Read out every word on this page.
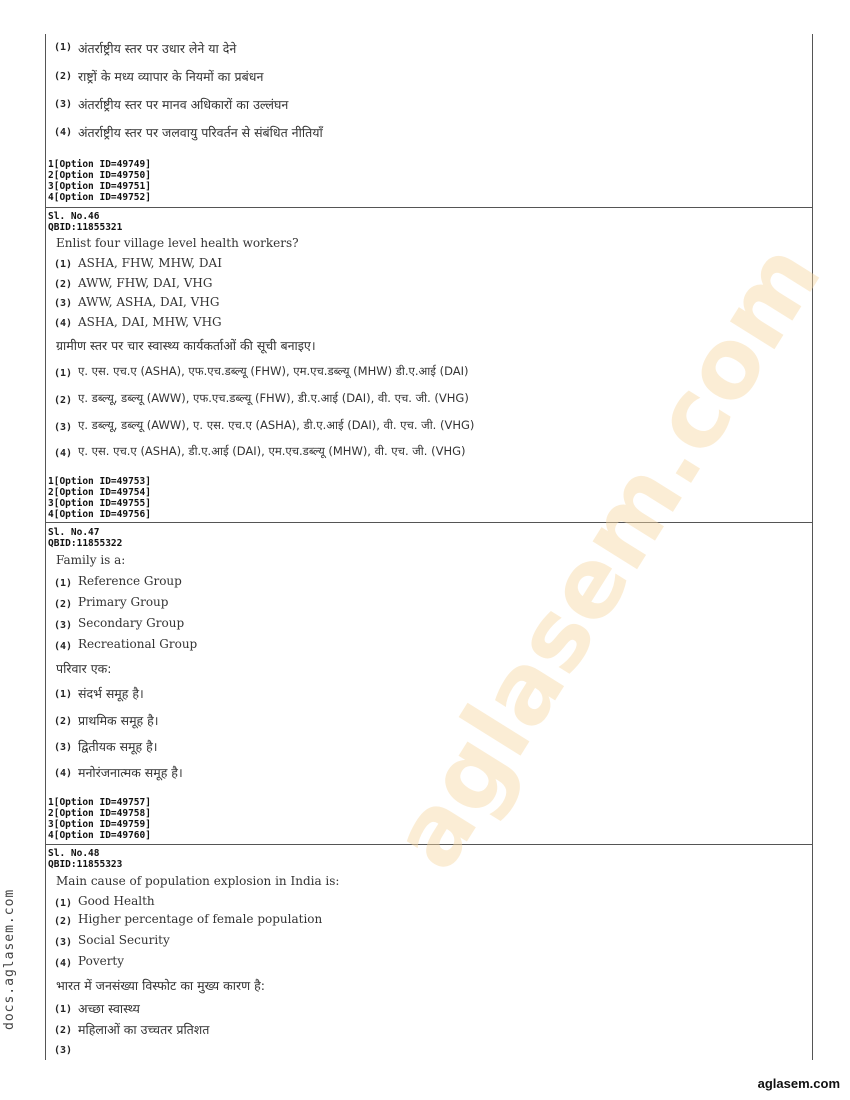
aglasem.com
(1) अंतर्राष्ट्रीय स्तर पर उधार लेने या देने
(2) राष्ट्रों के मध्य व्यापार के नियमों का प्रबंधन
(3) अंतर्राष्ट्रीय स्तर पर मानव अधिकारों का उल्लंघन
(4) अंतर्राष्ट्रीय स्तर पर जलवायु परिवर्तन से संबंधित नीतियाँ
1[Option ID=49749]
2[Option ID=49750]
3[Option ID=49751]
4[Option ID=49752]
Sl. No.46
QBID:11855321
Enlist four village level health workers?
(1) ASHA, FHW, MHW, DAI
(2) AWW, FHW, DAI, VHG
(3) AWW, ASHA, DAI, VHG
(4) ASHA, DAI, MHW, VHG
ग्रामीण स्तर पर चार स्वास्थ्य कार्यकर्ताओं की सूची बनाइए।
(1) ए. एस. एच.ए (ASHA), एफ.एच.डब्ल्यू (FHW), एम.एच.डब्ल्यू (MHW) डी.ए.आई (DAI)
(2) ए. डब्ल्यू, डब्ल्यू (AWW), एफ.एच.डब्ल्यू (FHW), डी.ए.आई (DAI), वी. एच. जी. (VHG)
(3) ए. डब्ल्यू, डब्ल्यू (AWW), ए. एस. एच.ए (ASHA), डी.ए.आई (DAI), वी. एच. जी. (VHG)
(4) ए. एस. एच.ए (ASHA), डी.ए.आई (DAI), एम.एच.डब्ल्यू (MHW), वी. एच. जी. (VHG)
1[Option ID=49753]
2[Option ID=49754]
3[Option ID=49755]
4[Option ID=49756]
Sl. No.47
QBID:11855322
Family is a:
(1) Reference Group
(2) Primary Group
(3) Secondary Group
(4) Recreational Group
परिवार एक:
(1) संदर्भ समूह है।
(2) प्राथमिक समूह है।
(3) द्वितीयक समूह है।
(4) मनोरंजनात्मक समूह है।
1[Option ID=49757]
2[Option ID=49758]
3[Option ID=49759]
4[Option ID=49760]
Sl. No.48
QBID:11855323
Main cause of population explosion in India is:
(1) Good Health
(2) Higher percentage of female population
(3) Social Security
(4) Poverty
भारत में जनसंख्या विस्फोट का मुख्य कारण है:
(1) अच्छा स्वास्थ्य
(2) महिलाओं का उच्चतर प्रतिशत
(3)
docs.aglasem.com
aglasem.com
